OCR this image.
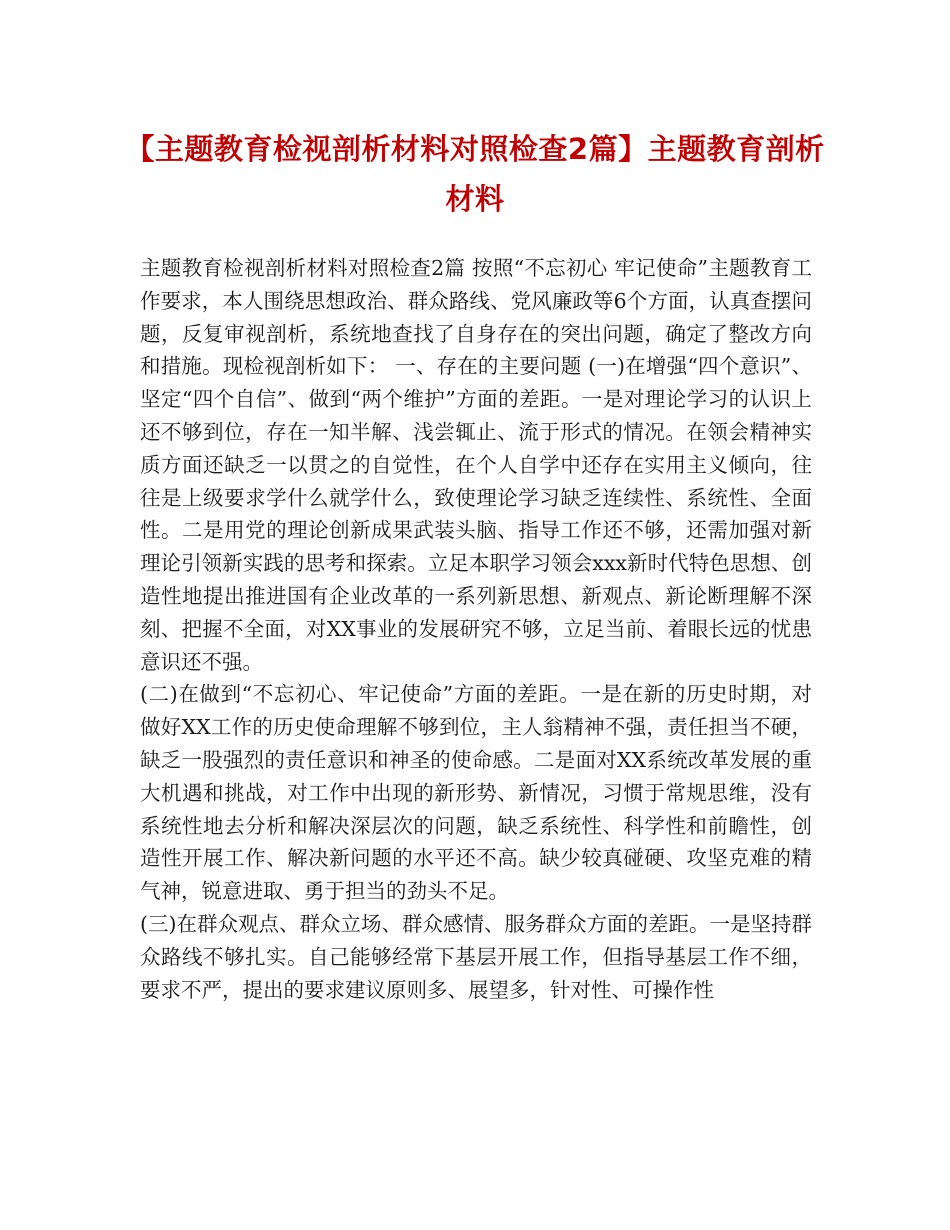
【主题教育检视剖析材料对照检查2篇】主题教育剖析材料

主题教育检视剖析材料对照检查2篇 按照“不忘初心 牢记使命”主题教育工作要求，本人围绕思想政治、群众路线、党风廉政等6个方面，认真查摆问题，反复审视剖析，系统地查找了自身存在的突出问题，确定了整改方向和措施。现检视剖析如下： 一、存在的主要问题 (一)在增强“四个意识”、坚定“四个自信”、做到“两个维护”方面的差距。一是对理论学习的认识上还不够到位，存在一知半解、浅尝辄止、流于形式的情况。在领会精神实质方面还缺乏一以贯之的自觉性，在个人自学中还存在实用主义倾向，往往是上级要求学什么就学什么，致使理论学习缺乏连续性、系统性、全面性。二是用党的理论创新成果武装头脑、指导工作还不够，还需加强对新理论引领新实践的思考和探索。立足本职学习领会xxx新时代特色思想、创造性地提出推进国有企业改革的一系列新思想、新观点、新论断理解不深刻、把握不全面，对XX事业的发展研究不够，立足当前、着眼长远的忧患意识还不强。

(二)在做到“不忘初心、牢记使命”方面的差距。一是在新的历史时期，对做好XX工作的历史使命理解不够到位，主人翁精神不强，责任担当不硬，缺乏一股强烈的责任意识和神圣的使命感。二是面对XX系统改革发展的重大机遇和挑战，对工作中出现的新形势、新情况，习惯于常规思维，没有系统性地去分析和解决深层次的问题，缺乏系统性、科学性和前瞻性，创造性开展工作、解决新问题的水平还不高。缺少较真碰硬、攻坚克难的精气神，锐意进取、勇于担当的劲头不足。

(三)在群众观点、群众立场、群众感情、服务群众方面的差距。一是坚持群众路线不够扎实。自己能够经常下基层开展工作，但指导基层工作不细，要求不严，提出的要求建议原则多、展望多，针对性、可操作性
